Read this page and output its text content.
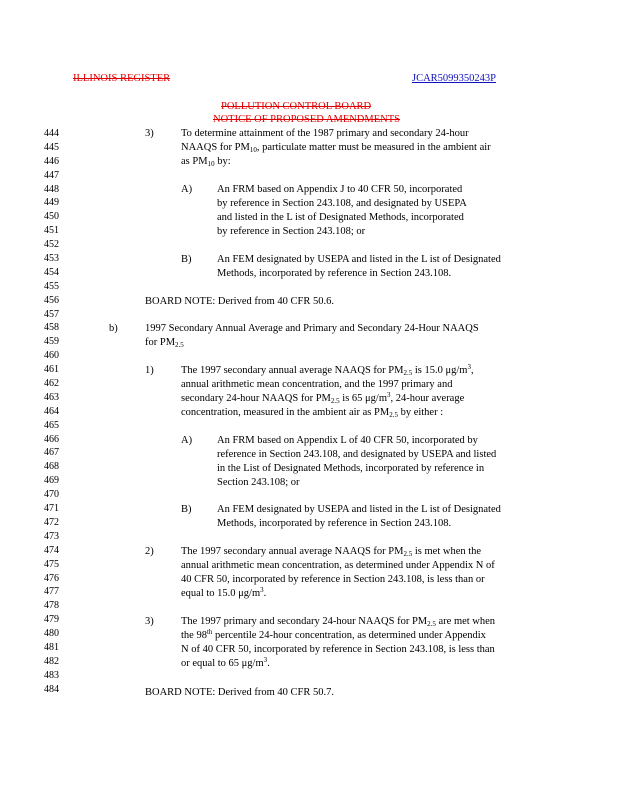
ILLINOIS REGISTER	JCAR5099350243P
POLLUTION CONTROL BOARD
NOTICE OF PROPOSED AMENDMENTS
444
445
446
447
448
449
450
451
452
453
454
455
456
457
458
459
460
461
462
463
464
465
466
467
468
469
470
471
472
473
474
475
476
477
478
479
480
481
482
483
484
3)	To determine attainment of the 1987 primary and secondary 24-hour
NAAQS for $PM_{10}$, particulate matter must be measured in the ambient air
as $PM_{10}$ by:
A) An FRM based on Appendix J to 40 CFR 50, incorporated
by reference in Section 243.108, and designated by USEPA
and listed in the L ist of Designated Methods, incorporated
by reference in Section 243.108; or
B) An FEM designated by USEPA and listed in the L ist of Designated
Methods, incorporated by reference in Section 243.108.
BOARD NOTE: Derived from 40 CFR 50.6.
b)	1997 Secondary Annual Average and Primary and Secondary 24-Hour NAAQS
for $PM_{2.5}$
1)	The 1997 secondary annual average NAAQS for $PM_{2.5}$ is 15.0 $\mu g/m^3$,
annual arithmetic mean concentration, and the 1997 primary and
secondary 24-hour NAAQS for $PM_{2.5}$ is 65 $\mu g/m^3$, 24-hour average
concentration, measured in the ambient air as $PM_{2.5}$ by either :
A) An FRM based on Appendix L of 40 CFR 50, incorporated by
reference in Section 243.108, and designated by USEPA and listed
in the List of Designated Methods, incorporated by reference in
Section 243.108; or
B) An FEM designated by USEPA and listed in the L ist of Designated
Methods, incorporated by reference in Section 243.108.
2)	The 1997 secondary annual average NAAQS for $PM_{2.5}$ is met when the
annual arithmetic mean concentration, as determined under Appendix N of
40 CFR 50, incorporated by reference in Section 243.108, is less than or
equal to 15.0 $\mu g/m^3$.
3)	The 1997 primary and secondary 24-hour NAAQS for $PM_{2.5}$ are met when
the 98th percentile 24-hour concentration, as determined under Appendix
N of 40 CFR 50, incorporated by reference in Section 243.108, is less than
or equal to 65 $\mu g/m^3$.
BOARD NOTE: Derived from 40 CFR 50.7.
